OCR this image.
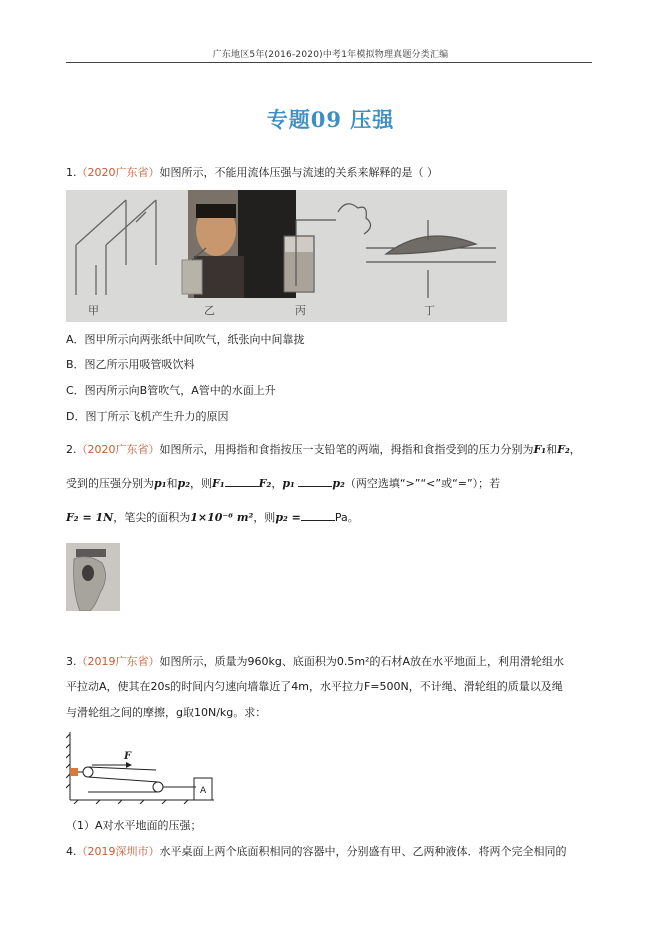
广东地区5年(2016-2020)中考1年模拟物理真题分类汇编
专题09 压强
1.（2020广东省）如图所示，不能用流体压强与流速的关系来解释的是（ ）
甲	乙	丙	丁
A．图甲所示向两张纸中间吹气，纸张向中间靠拢
B．图乙所示用吸管吸饮料
C．图丙所示向B管吹气，A管中的水面上升
D．图丁所示飞机产生升力的原因
2.（2020广东省）如图所示，用拇指和食指按压一支铅笔的两端，拇指和食指受到的压力分别为F₁和F₂，
受到的压强分别为p₁和p₂，则F₁	F₂，p₁	p₂（两空选填“>”“<”或“=”）；若
F₂ = 1N，笔尖的面积为1×10⁻⁶ m²，则p₂ =	Pa。
3.（2019广东省）如图所示，质量为960kg、底面积为0.5m²的石材A放在水平地面上，利用滑轮组水
平拉动A，使其在20s的时间内匀速向墙靠近了4m，水平拉力F=500N，不计绳、滑轮组的质量以及绳
与滑轮组之间的摩擦，g取10N/kg。求：
F
A
（1）A对水平地面的压强；
4.（2019深圳市）水平桌面上两个底面积相同的容器中，分别盛有甲、乙两种液体．将两个完全相同的
